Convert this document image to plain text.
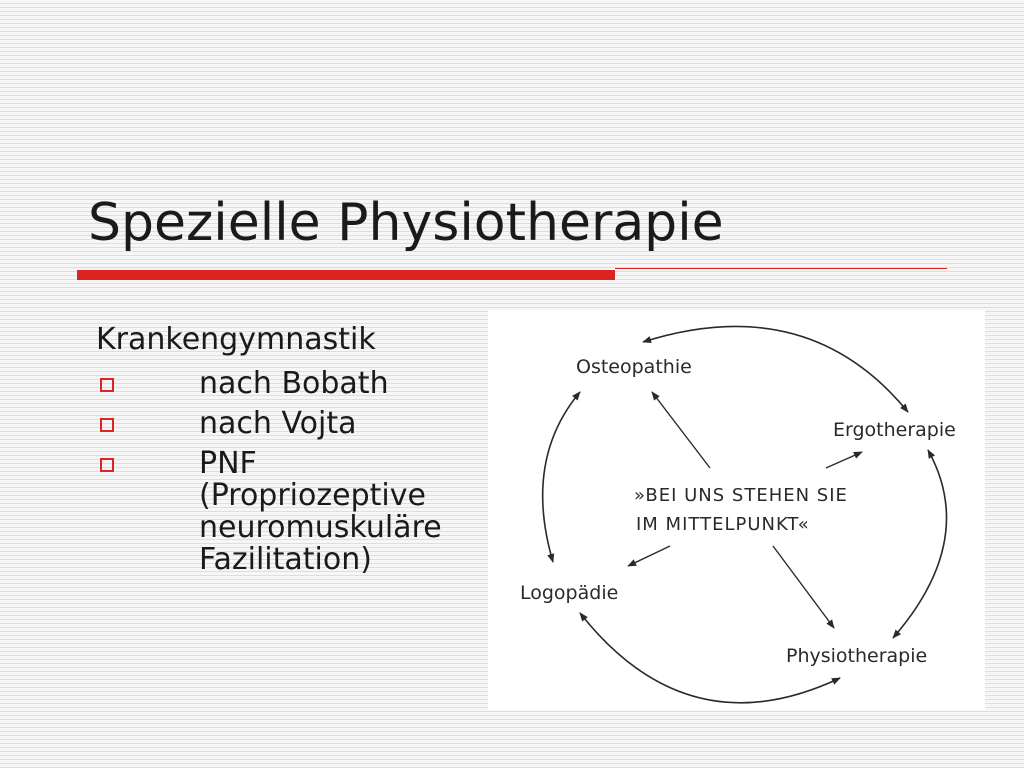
Spezielle Physiotherapie
Krankengymnastik
nach Bobath
nach Vojta
PNF
(Propriozeptive
neuromuskuläre
Fazilitation)
Osteopathie
Ergotherapie
Logopädie
Physiotherapie
»BEI UNS STEHEN SIE
IM MITTELPUNKT«
